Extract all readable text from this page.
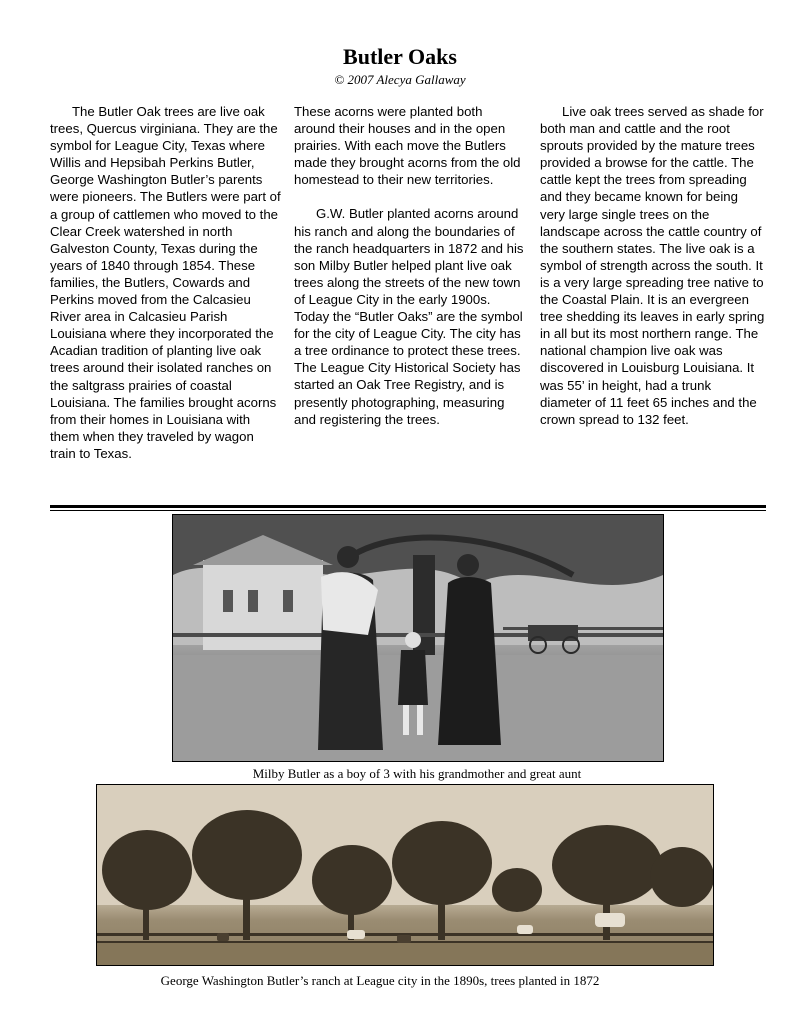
Butler Oaks
© 2007 Alecya Gallaway

The Butler Oak trees are live oak trees, Quercus virginiana. They are the symbol for League City, Texas where Willis and Hepsibah Perkins Butler, George Washington Butler’s parents were pioneers. The Butlers were part of a group of cattlemen who moved to the Clear Creek watershed in north Galveston County, Texas during the years of 1840 through 1854. These families, the Butlers, Cowards and Perkins moved from the Calcasieu River area in Calcasieu Parish Louisiana where they incorporated the Acadian tradition of planting live oak trees around their isolated ranches on the saltgrass prairies of coastal Louisiana. The families brought acorns from their homes in Louisiana with them when they traveled by wagon train to Texas.

These acorns were planted both around their houses and in the open prairies. With each move the Butlers made they brought acorns from the old homestead to their new territories.

G.W. Butler planted acorns around his ranch and along the boundaries of the ranch headquarters in 1872 and his son Milby Butler helped plant live oak trees along the streets of the new town of League City in the early 1900s. Today the “Butler Oaks” are the symbol for the city of League City. The city has a tree ordinance to protect these trees. The League City Historical Society has started an Oak Tree Registry, and is presently photographing, measuring and registering the trees.

Live oak trees served as shade for both man and cattle and the root sprouts provided by the mature trees provided a browse for the cattle. The cattle kept the trees from spreading and they became known for being very large single trees on the landscape across the cattle country of the southern states. The live oak is a symbol of strength across the south. It is a very large spreading tree native to the Coastal Plain. It is an evergreen tree shedding its leaves in early spring in all but its most northern range. The national champion live oak was discovered in Louisburg Louisiana. It was 55’ in height, had a trunk diameter of 11 feet 65 inches and the crown spread to 132 feet.

Milby Butler as a boy of 3 with his grandmother and great aunt
George Washington Butler’s ranch at League city in the 1890s, trees planted in 1872
